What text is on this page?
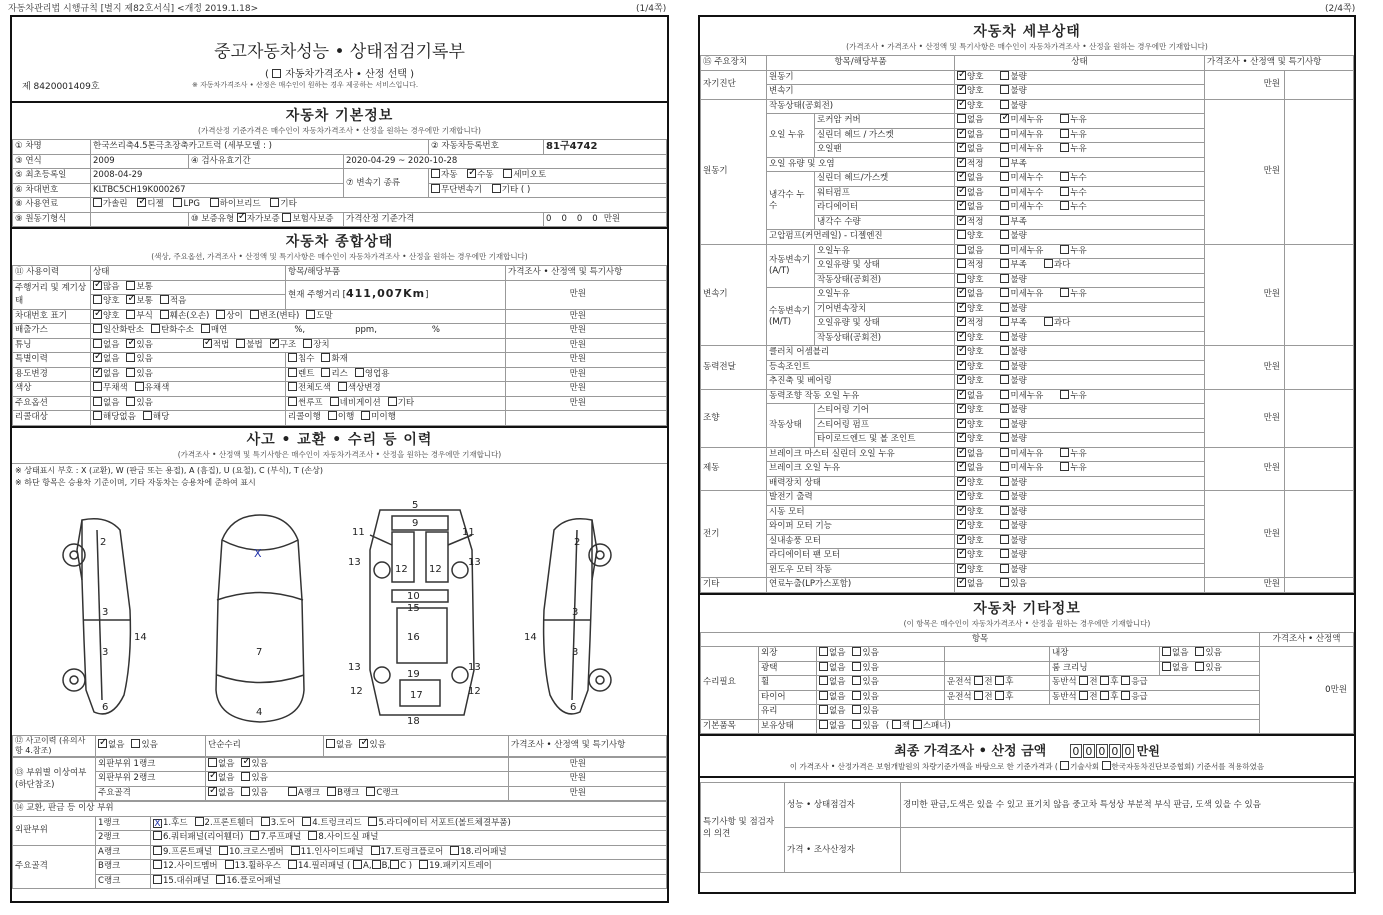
자동차관리법 시행규칙 [별지 제82호서식] <개정 2019.1.18>	(1/4쪽)	(2/4쪽)
중고자동차성능 • 상태점검기록부
( 자동차가격조사 • 산정 선택 )
제 8420001409호	※ 자동차가격조사 • 산정은 매수인이 원하는 경우 제공하는 서비스입니다.
자동차 기본정보
(가격산정 기준가격은 매수인이 자동차가격조사 • 산정을 원하는 경우에만 기재합니다)
① 차명	한국쓰리축4.5톤극초장축카고트럭 (세부모델 : )			② 자동차등록번호	81구4742
③ 연식	2009	④ 검사유효기간	2020-04-29 ~ 2020-10-28		
⑤ 최초등록일	2008-04-29		⑦ 변속기 종류	자동 ✓ 수동 세미오토
⑥ 차대번호	KLTBC5CH19K000267			무단변속기 기타 ( )	
⑧ 사용연료	가솔린 ✓ 디젤 LPG 하이브리드 기타
⑨ 원동기형식		⑩ 보증유형 ✓ 자가보증 보험사보증	가격산정 기준가격		0000만원
자동차 종합상태
(색상, 주요옵션, 가격조사 • 산정액 및 특기사항은 매수인이 자동차가격조사 • 산정을 원하는 경우에만 기재합니다)
⑪ 사용이력	상태	항목/해당부품	가격조사 • 산정액 및 특기사항
주행거리 및 계기상태	✓많음 보통	현재 주행거리 [411,007Km]	만원
	양호 ✓ 보통 적음
차대번호 표기	✓양호 부식 훼손(오손) 상이 변조(변타) 도말		만원
배출가스	일산화탄소 탄화수소 매연 %, ppm, %		만원
튜닝	없음 ✓ 있음 ✓ 적법 불법 ✓ 구조 장치		만원
특별이력	✓없음 있음	침수 화재	만원
용도변경	✓없음 있음	렌트 리스 영업용	만원
색상	무채색 유채색	전체도색 색상변경	만원
주요옵션	없음 있음	썬루프 네비게이션 기타	만원
리콜대상	해당없음 해당	리콜이행 이행 미이행	
사고 • 교환 • 수리 등 이력
(가격조사 • 산정액 및 특기사항은 매수인이 자동차가격조사 • 산정을 원하는 경우에만 기재합니다)
※ 상태표시 부호 : X (교환), W (판금 또는 용접), A (흠집), U (요철), C (부식), T (손상)
※ 하단 항목은 승용차 기준이며, 기타 자동차는 승용차에 준하여 표시
2
3
3
14
6
7
4
9
5
11	11
13	13
12 12
10
15
16
13	13
19
12	12
17
18
2
3
3
14
6
X
⑫ 사고이력 (유의사항 4.참조)	✓없음 있음	단순수리	없음 ✓ 있음	가격조사 • 산정액 및 특기사항
⑬ 부위별 이상여부 (하단참조)	외판부위 1랭크	없음 ✓ 있음	만원
	외판부위 2랭크	✓없음 있음	만원
	주요골격	✓없음 있음 A랭크 B랭크 C랭크	만원
⑭ 교환, 판금 등 이상 부위		
외판부위	1랭크	X 1.후드 2.프론트휀더 3.도어 4.트렁크리드 5.라디에이터 서포트(볼트체결부품)
	2랭크	6.쿼터패널(리어휀더) 7.루프패널 8.사이드실 패널
주요골격	A랭크	9.프론트패널 10.크로스멤버 11.인사이드패널 17.트렁크플로어 18.리어패널
	B랭크	12.사이드멤버 13.휠하우스 14.필러패널 ( A, B, C ) 19.패키지트레이
	C랭크	15.대쉬패널 16.플로어패널
자동차 세부상태
(가격조사 • 가격조사 • 산정액 및 특기사항은 매수인이 자동차가격조사 • 산정을 원하는 경우에만 기재합니다)
⑮ 주요장치	항목/해당부품		상태	가격조사 • 산정액 및 특기사항	
자기진단	원동기	✓양호 불량	만원	
	변속기	✓양호 불량
원동기	작동상태(공회전)	✓양호 불량	만원	
	오일 누유	로커암 커버	없음 ✓ 미세누유 누유
		실린더 헤드 / 가스켓	✓없음 미세누유 누유
		오일팬	✓없음 미세누유 누유
	오일 유량 및 오염	✓적정 부족
	냉각수 누수	실린더 헤드/가스켓	✓없음 미세누수 누수
		워터펌프	✓없음 미세누수 누수
		라디에이터	✓없음 미세누수 누수
		냉각수 수량	✓적정 부족
	고압펌프(커먼레일) - 디젤엔진		양호 불량		
변속기	자동변속기 (A/T)	오일누유	없음 미세누유 누유	만원	
		오일유량 및 상태	적정 부족 과다		
		작동상태(공회전)	양호 불량		
	수동변속기 (M/T)	오일누유	✓없음 미세누유 누유
		기어변속장치	✓양호 불량
		오일유량 및 상태	✓적정 부족 과다
		작동상태(공회전)	✓양호 불량
동력전달	클러치 어셈블리	✓양호 불량	만원	
	등속조인트	✓양호 불량
	추진축 및 베어링	✓양호 불량
조향	동력조향 작동 오일 누유	✓없음 미세누유 누유	만원	
	작동상태	스티어링 기어	✓양호 불량
		스티어링 펌프	✓양호 불량
		타이로드엔드 및 볼 조인트	✓양호 불량
제동	브레이크 마스터 실린더 오일 누유	✓없음 미세누유 누유	만원	
	브레이크 오일 누유	✓없음 미세누유 누유
	배력장치 상태	✓양호 불량
전기	발전기 출력	✓양호 불량	만원	
	시동 모터	✓양호 불량
	와이퍼 모터 기능	✓양호 불량
	실내송풍 모터	✓양호 불량
	라디에이터 팬 모터	✓양호 불량
	윈도우 모터 작동	✓양호 불량
기타	연료누출(LP가스포함)	✓없음 있음	만원	
자동차 기타정보
(이 항목은 매수인이 자동차가격조사 • 산정을 원하는 경우에만 기재합니다)
항목						가격조사 • 산정액
수리필요	외장	없음 있음		내장	없음 있음	0만원
	광택	없음 있음		룸 크리닝	없음 있음	
	휠	없음 있음	운전석 전 후	동반석 전 후 응급		
	타이어	없음 있음	운전석 전 후	동반석 전 후 응급		
	유리	없음 있음				
기본품목	보유상태	없음 있음 ( 잭 스패너)				
최종 가격조사 • 산정 금액 0 0 0 0 0 만원
이 가격조사 • 산정가격은 보험개발원의 차량기준가액을 바탕으로 한 기준가격과 ( 기술사회 한국자동차진단보증협회) 기준서를 적용하였음
특기사항 및 점검자의 의견	성능 • 상태점검자	경미한 판금,도색은 있을 수 있고 표기치 않음 중고차 특성상 부분적 부식 판금, 도색 있을 수 있음
	가격 • 조사산정자	
